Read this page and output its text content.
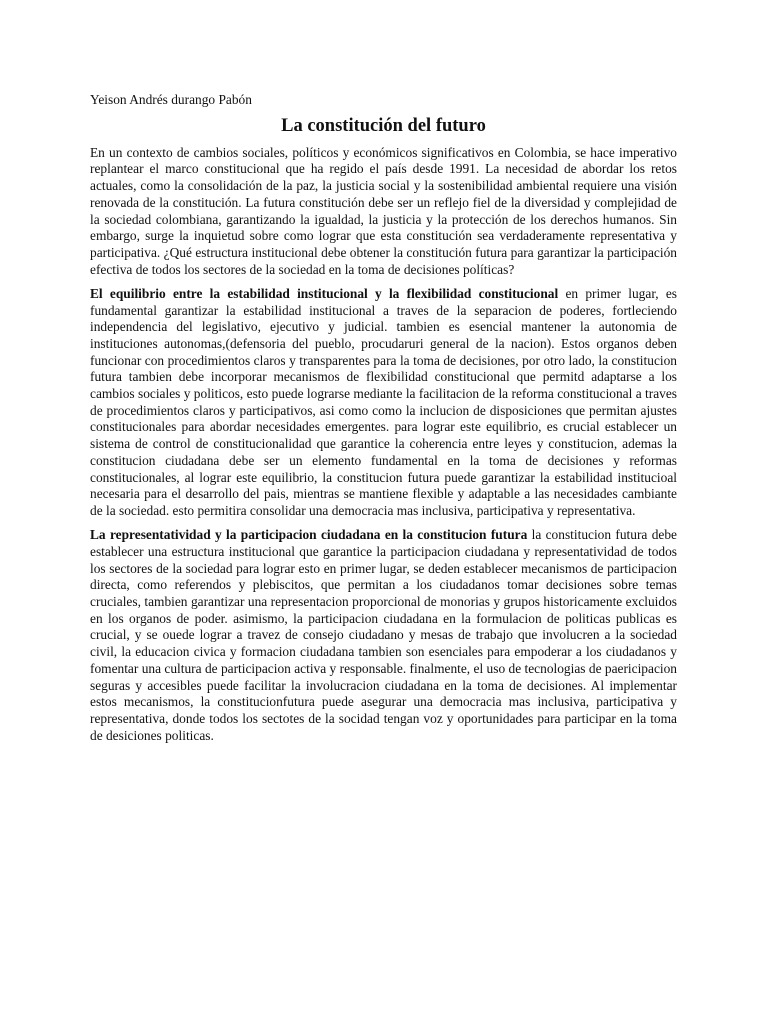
Yeison Andrés durango Pabón
La constitución del futuro

En un contexto de cambios sociales, políticos y económicos significativos en Colombia, se hace imperativo replantear el marco constitucional que ha regido el país desde 1991. La necesidad de abordar los retos actuales, como la consolidación de la paz, la justicia social y la sostenibilidad ambiental requiere una visión renovada de la constitución. La futura constitución debe ser un reflejo fiel de la diversidad y complejidad de la sociedad colombiana, garantizando la igualdad, la justicia y la protección de los derechos humanos. Sin embargo, surge la inquietud sobre como lograr que esta constitución sea verdaderamente representativa y participativa. ¿Qué estructura institucional debe obtener la constitución futura para garantizar la participación efectiva de todos los sectores de la sociedad en la toma de decisiones políticas?

El equilibrio entre la estabilidad institucional y la flexibilidad constitucional en primer lugar, es fundamental garantizar la estabilidad institucional a traves de la separacion de poderes, fortleciendo independencia del legislativo, ejecutivo y judicial. tambien es esencial mantener la autonomia de instituciones autonomas,(defensoria del pueblo, procudaruri general de la nacion). Estos organos deben funcionar con procedimientos claros y transparentes para la toma de decisiones, por otro lado, la constitucion futura tambien debe incorporar mecanismos de flexibilidad constitucional que permitd adaptarse a los cambios sociales y politicos, esto puede lograrse mediante la facilitacion de la reforma constitucional a traves de procedimientos claros y participativos, asi como como la inclucion de disposiciones que permitan ajustes constitucionales para abordar necesidades emergentes. para lograr este equilibrio, es crucial establecer un sistema de control de constitucionalidad que garantice la coherencia entre leyes y constitucion, ademas la constitucion ciudadana debe ser un elemento fundamental en la toma de decisiones y reformas constitucionales, al lograr este equilibrio, la constitucion futura puede garantizar la estabilidad institucioal necesaria para el desarrollo del pais, mientras se mantiene flexible y adaptable a las necesidades cambiante de la sociedad. esto permitira consolidar una democracia mas inclusiva, participativa y representativa.

La representatividad y la participacion ciudadana en la constitucion futura la constitucion futura debe establecer una estructura institucional que garantice la participacion ciudadana y representatividad de todos los sectores de la sociedad para lograr esto en primer lugar, se deden establecer mecanismos de participacion directa, como referendos y plebiscitos, que permitan a los ciudadanos tomar decisiones sobre temas cruciales, tambien garantizar una representacion proporcional de monorias y grupos historicamente excluidos en los organos de poder. asimismo, la participacion ciudadana en la formulacion de politicas publicas es crucial, y se ouede lograr a travez de consejo ciudadano y mesas de trabajo que involucren a la sociedad civil, la educacion civica y formacion ciudadana tambien son esenciales para empoderar a los ciudadanos y fomentar una cultura de participacion activa y responsable. finalmente, el uso de tecnologias de paericipacion seguras y accesibles puede facilitar la involucracion ciudadana en la toma de decisiones. Al implementar estos mecanismos, la constitucionfutura puede asegurar una democracia mas inclusiva, participativa y representativa, donde todos los sectotes de la socidad tengan voz y oportunidades para participar en la toma de desiciones politicas.
